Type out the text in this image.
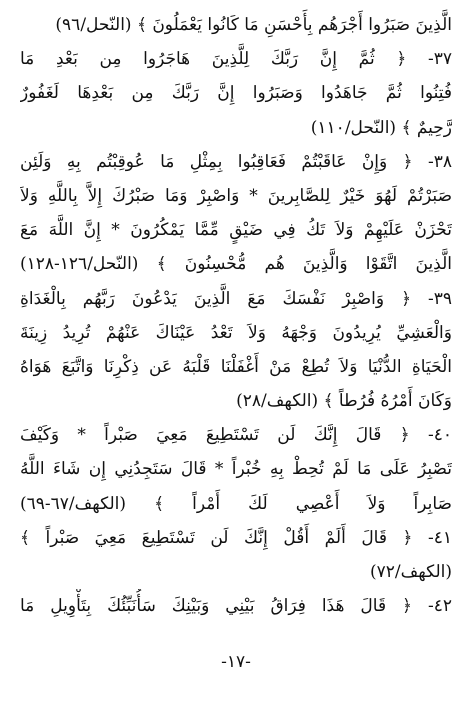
الَّذِينَ صَبَرُوا أَجْرَهُم بِأَحْسَنِ مَا كَانُوا يَعْمَلُونَ ﴾ (النّحل/٩٦)
٣٧- ﴿ ثُمَّ إِنَّ رَبَّكَ لِلَّذِينَ هَاجَرُوا مِن بَعْدِ مَا
فُتِنُوا ثُمَّ جَاهَدُوا وَصَبَرُوا إِنَّ رَبَّكَ مِن بَعْدِهَا لَغَفُورٌ
رَّحِيمٌ ﴾ (النّحل/١١٠)
٣٨- ﴿ وَإِنْ عَاقَبْتُمْ فَعَاقِبُوا بِمِثْلِ مَا عُوقِبْتُم بِهِ وَلَئِن
صَبَرْتُمْ لَهُوَ خَيْرٌ لِلصَّابِرينَ * وَاصْبِرْ وَمَا صَبْرُكَ إِلاَّ بِاللَّهِ وَلاَ
تَحْزَنْ عَلَيْهِمْ وَلاَ تَكُ فِي ضَيْقٍ مِّمَّا يَمْكُرُونَ * إِنَّ اللَّهَ مَعَ
الَّذِينَ اتَّقَوْا وَالَّذِينَ هُم مُّحْسِنُونَ ﴾ (النّحل/١٢٦-١٢٨)
٣٩- ﴿ وَاصْبِرْ نَفْسَكَ مَعَ الَّذِينَ يَدْعُونَ رَبَّهُم بِالْغَدَاةِ
وَالْعَشِيِّ يُرِيدُونَ وَجْهَهُ وَلاَ تَعْدُ عَيْنَاكَ عَنْهُمْ تُرِيدُ زِينَةَ
الْحَيَاةِ الدُّنْيَا وَلاَ تُطِعْ مَنْ أَغْفَلْنَا قَلْبَهُ عَن ذِكْرِنَا وَاتَّبَعَ هَوَاهُ
وَكَانَ أَمْرُهُ فُرُطاً ﴾ (الكهف/٢٨)
٤٠- ﴿ قَالَ إِنَّكَ لَن تَسْتَطِيعَ مَعِيَ صَبْراً * وَكَيْفَ
تَصْبِرُ عَلَى مَا لَمْ تُحِطْ بِهِ خُبْراً * قَالَ سَتَجِدُنِي إِن شَاءَ اللَّهُ
صَابِراً وَلاَ أَعْصِي لَكَ أَمْراً ﴾ (الكهف/٦٧-٦٩)
٤١- ﴿ قَالَ أَلَمْ أَقُلْ إِنَّكَ لَن تَسْتَطِيعَ مَعِيَ صَبْراً ﴾
(الكهف/٧٢)
٤٢- ﴿ قَالَ هَذَا فِرَاقُ بَيْنِي وَبَيْنِكَ سَأُنَبِّئُكَ بِتَأْوِيلِ مَا
-١٧-
